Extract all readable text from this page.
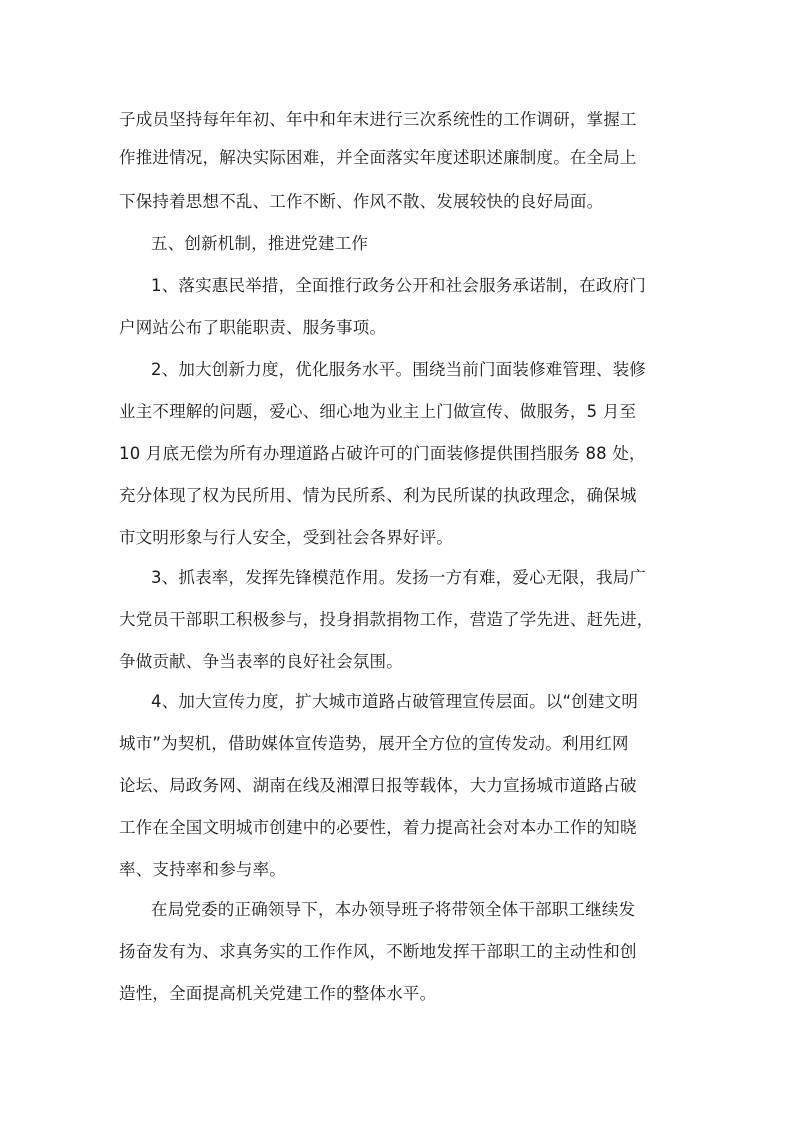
子成员坚持每年年初、年中和年末进行三次系统性的工作调研，掌握工
作推进情况，解决实际困难，并全面落实年度述职述廉制度。在全局上
下保持着思想不乱、工作不断、作风不散、发展较快的良好局面。
五、创新机制，推进党建工作
1、落实惠民举措，全面推行政务公开和社会服务承诺制，在政府门
户网站公布了职能职责、服务事项。
2、加大创新力度，优化服务水平。围绕当前门面装修难管理、装修
业主不理解的问题，爱心、细心地为业主上门做宣传、做服务，5 月至
10 月底无偿为所有办理道路占破许可的门面装修提供围挡服务 88 处，
充分体现了权为民所用、情为民所系、利为民所谋的执政理念，确保城
市文明形象与行人安全，受到社会各界好评。
3、抓表率，发挥先锋模范作用。发扬一方有难，爱心无限，我局广
大党员干部职工积极参与，投身捐款捐物工作，营造了学先进、赶先进，
争做贡献、争当表率的良好社会氛围。
4、加大宣传力度，扩大城市道路占破管理宣传层面。以“创建文明
城市”为契机，借助媒体宣传造势，展开全方位的宣传发动。利用红网
论坛、局政务网、湖南在线及湘潭日报等载体，大力宣扬城市道路占破
工作在全国文明城市创建中的必要性，着力提高社会对本办工作的知晓
率、支持率和参与率。
在局党委的正确领导下，本办领导班子将带领全体干部职工继续发
扬奋发有为、求真务实的工作作风，不断地发挥干部职工的主动性和创
造性，全面提高机关党建工作的整体水平。
